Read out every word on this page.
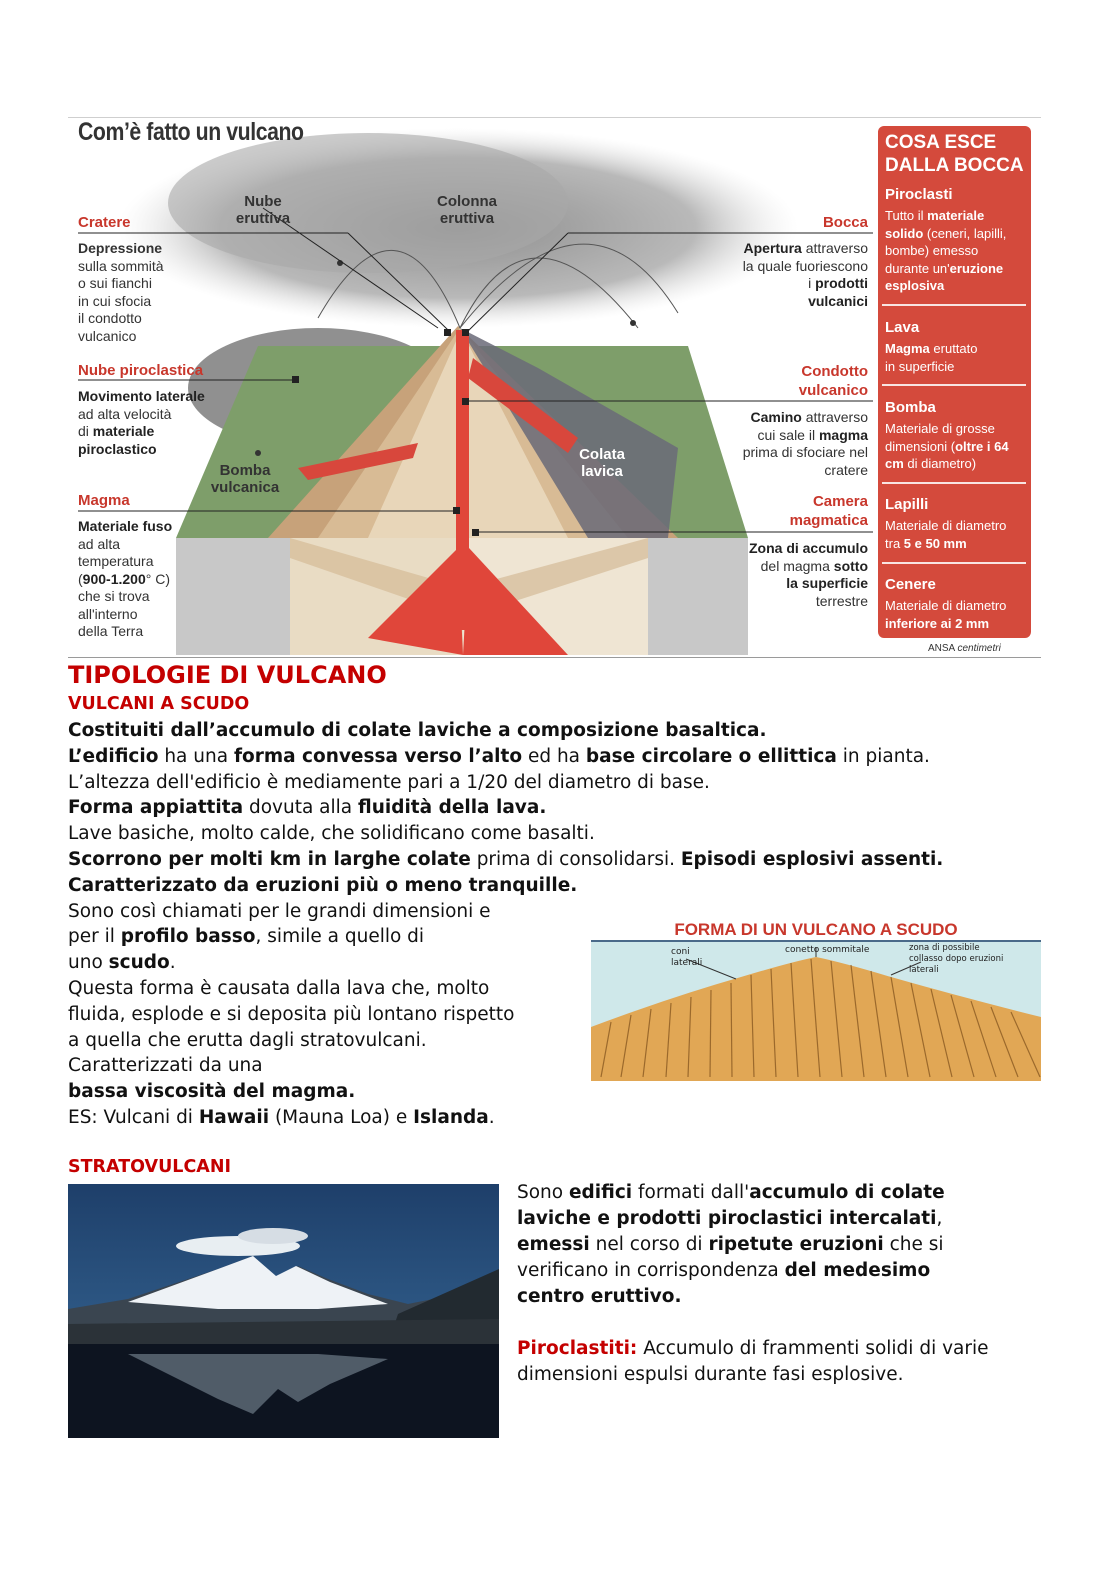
Com’è fatto un vulcano
Cratere
Depressione
sulla sommità
o sui fianchi
in cui sfocia
il condotto
vulcanico
Nube
eruttiva
Colonna
eruttiva
Nube piroclastica
Movimento laterale
ad alta velocità
di materiale
piroclastico
Bomba
vulcanica
Colata
lavica
Magma
Materiale fuso
ad alta
temperatura
(900-1.200° C)
che si trova
all'interno
della Terra
Bocca
Apertura attraverso
la quale fuoriescono
i prodotti
vulcanici
Condotto
vulcanico
Camino attraverso
cui sale il magma
prima di sfociare nel
cratere
Camera
magmatica
Zona di accumulo
del magma sotto
la superficie
terrestre
COSA ESCE
DALLA BOCCA
Piroclasti
Tutto il materiale
solido (ceneri, lapilli,
bombe) emesso
durante un'eruzione
esplosiva
Lava
Magma eruttato
in superficie
Bomba
Materiale di grosse
dimensioni (oltre i 64
cm di diametro)
Lapilli
Materiale di diametro
tra 5 e 50 mm
Cenere
Materiale di diametro
inferiore ai 2 mm
ANSA centimetri
TIPOLOGIE DI VULCANO
VULCANI A SCUDO
Costituiti dall’accumulo di colate laviche a composizione basaltica.
L’edificio ha una forma convessa verso l’alto ed ha base circolare o ellittica in pianta.
L’altezza dell'edificio è mediamente pari a 1/20 del diametro di base.
Forma appiattita dovuta alla fluidità della lava.
Lave basiche, molto calde, che solidificano come basalti.
Scorrono per molti km in larghe colate prima di consolidarsi. Episodi esplosivi assenti.
Caratterizzato da eruzioni più o meno tranquille.
Sono così chiamati per le grandi dimensioni e
per il profilo basso, simile a quello di
uno scudo.
Questa forma è causata dalla lava che, molto
fluida, esplode e si deposita più lontano rispetto
a quella che erutta dagli stratovulcani.
Caratterizzati da una
bassa viscosità del magma.
ES: Vulcani di Hawaii (Mauna Loa) e Islanda.
FORMA DI UN VULCANO A SCUDO
coni
laterali
conetto sommitale	zona di possibile
collasso dopo eruzioni
laterali
STRATOVULCANI
Sono edifici formati dall'accumulo di colate
laviche e prodotti piroclastici intercalati,
emessi nel corso di ripetute eruzioni che si
verificano in corrispondenza del medesimo
centro eruttivo.
Piroclastiti: Accumulo di frammenti solidi di varie
dimensioni espulsi durante fasi esplosive.
